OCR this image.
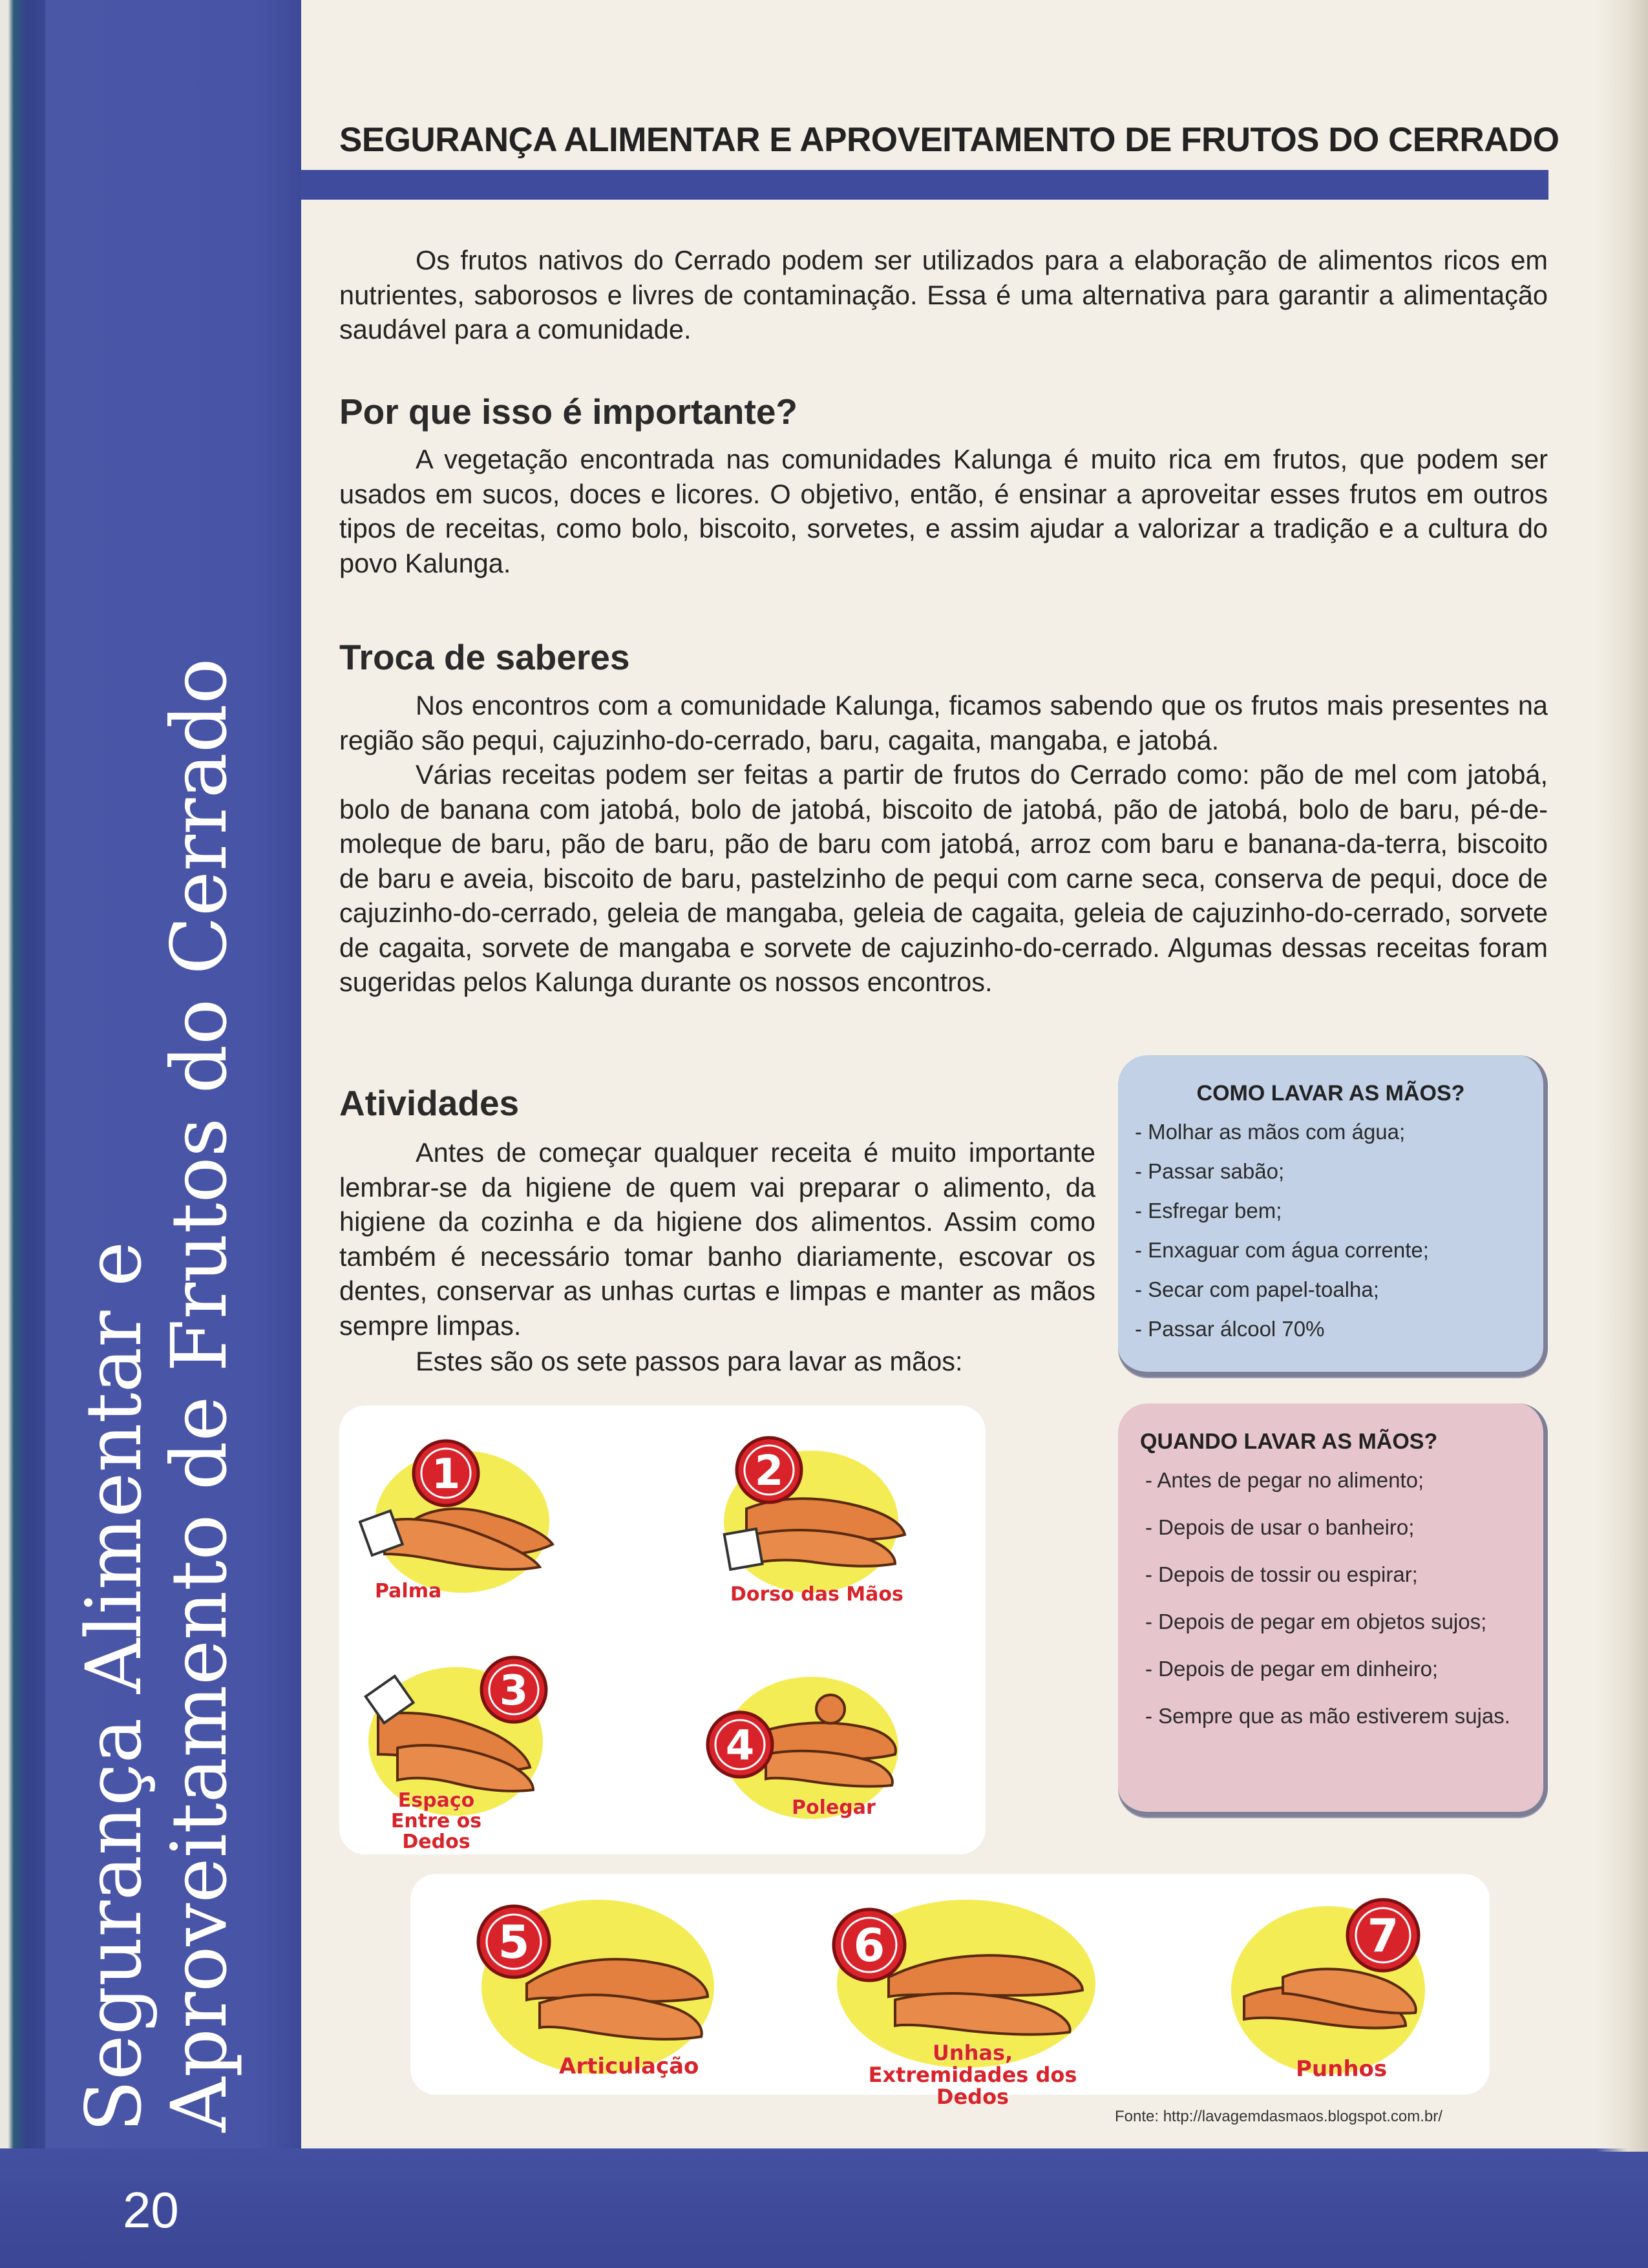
Segurança Alimentar e
Aproveitamento de Frutos do Cerrado
20
SEGURANÇA ALIMENTAR E APROVEITAMENTO DE FRUTOS DO CERRADO

Os frutos nativos do Cerrado podem ser utilizados para a elaboração de alimentos ricos em nutrientes, saborosos e livres de contaminação. Essa é uma alternativa para garantir a alimentação saudável para a comunidade.

Por que isso é importante?

A vegetação encontrada nas comunidades Kalunga é muito rica em frutos, que podem ser usados em sucos, doces e licores. O objetivo, então, é ensinar a aproveitar esses frutos em outros tipos de receitas, como bolo, biscoito, sorvetes, e assim ajudar a valorizar a tradição e a cultura do povo Kalunga.

Troca de saberes

Nos encontros com a comunidade Kalunga, ficamos sabendo que os frutos mais presentes na região são pequi, cajuzinho-do-cerrado, baru, cagaita, mangaba, e jatobá.

Várias receitas podem ser feitas a partir de frutos do Cerrado como: pão de mel com jatobá, bolo de banana com jatobá, bolo de jatobá, biscoito de jatobá, pão de jatobá, bolo de baru, pé-de-moleque de baru, pão de baru, pão de baru com jatobá, arroz com baru e banana-da-terra, biscoito de baru e aveia, biscoito de baru, pastelzinho de pequi com carne seca, conserva de pequi, doce de cajuzinho-do-cerrado, geleia de mangaba, geleia de cagaita, geleia de cajuzinho-do-cerrado, sorvete de cagaita, sorvete de mangaba e sorvete de cajuzinho-do-cerrado. Algumas dessas receitas foram sugeridas pelos Kalunga durante os nossos encontros.

Atividades

Antes de começar qualquer receita é muito importante lembrar-se da higiene de quem vai preparar o alimento, da higiene da cozinha e da higiene dos alimentos. Assim como também é necessário tomar banho diariamente, escovar os dentes, conservar as unhas curtas e limpas e manter as mãos sempre limpas.

Estes são os sete passos para lavar as mãos:

COMO LAVAR AS MÃOS?
- Molhar as mãos com água;
- Passar sabão;
- Esfregar bem;
- Enxaguar com água corrente;
- Secar com papel-toalha;
- Passar álcool 70%
QUANDO LAVAR AS MÃOS?
- Antes de pegar no alimento;
- Depois de usar o banheiro;
- Depois de tossir ou espirar;
- Depois de pegar em objetos sujos;
- Depois de pegar em dinheiro;
- Sempre que as mão estiverem sujas.
1
Palma
2
Dorso das Mãos
3
Espaço Entre os Dedos
4
Polegar
5
Articulação
6
Unhas, Extremidades dos Dedos
7
Punhos
Fonte: http://lavagemdasmaos.blogspot.com.br/
